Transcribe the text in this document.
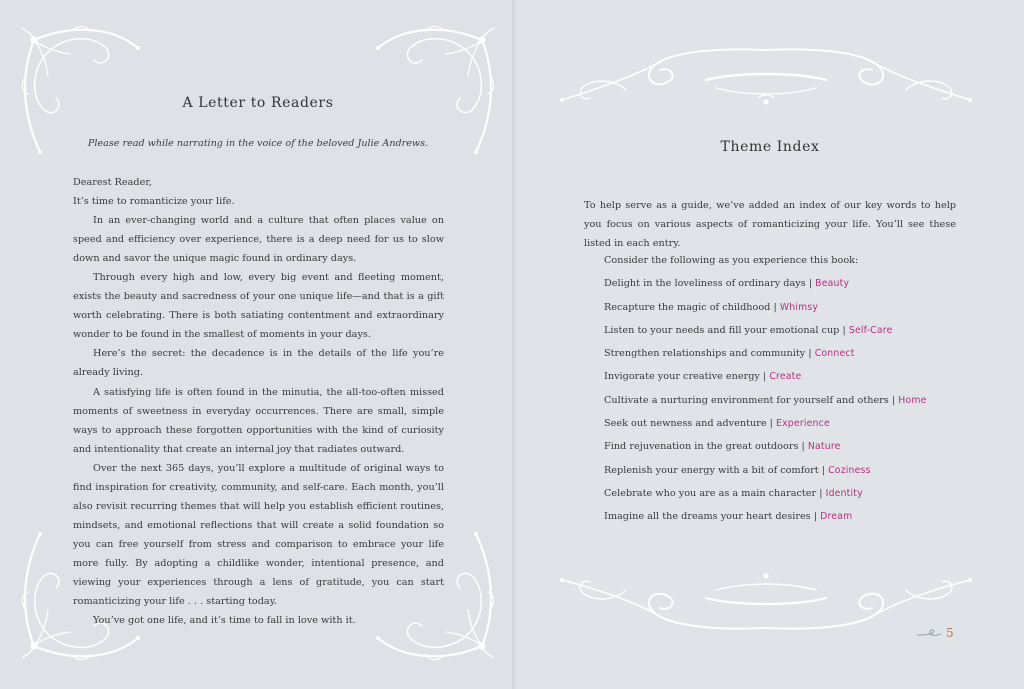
A Letter to Readers

Please read while narrating in the voice of the beloved Julie Andrews.

Dearest Reader,

It’s time to romanticize your life.

In an ever-changing world and a culture that often places value on speed and efficiency over experience, there is a deep need for us to slow down and savor the unique magic found in ordinary days.

Through every high and low, every big event and fleeting moment, exists the beauty and sacredness of your one unique life—and that is a gift worth celebrating. There is both satiating contentment and extraordinary wonder to be found in the smallest of moments in your days.

Here’s the secret: the decadence is in the details of the life you’re already living.

A satisfying life is often found in the minutia, the all-too-often missed moments of sweetness in everyday occurrences. There are small, simple ways to approach these forgotten opportunities with the kind of curiosity and intentionality that create an internal joy that radiates outward.

Over the next 365 days, you’ll explore a multitude of original ways to find inspiration for creativity, community, and self-care. Each month, you’ll also revisit recurring themes that will help you establish efficient routines, mindsets, and emotional reflections that will create a solid foundation so you can free yourself from stress and comparison to embrace your life more fully. By adopting a childlike wonder, intentional presence, and viewing your experiences through a lens of gratitude, you can start romanticizing your life . . . starting today.

You’ve got one life, and it’s time to fall in love with it.

Theme Index

To help serve as a guide, we’ve added an index of our key words to help you focus on various aspects of romanticizing your life. You’ll see these listed in each entry.

Consider the following as you experience this book:
Delight in the loveliness of ordinary days | Beauty
Recapture the magic of childhood | Whimsy
Listen to your needs and fill your emotional cup | Self-Care
Strengthen relationships and community | Connect
Invigorate your creative energy | Create
Cultivate a nurturing environment for yourself and others | Home
Seek out newness and adventure | Experience
Find rejuvenation in the great outdoors | Nature
Replenish your energy with a bit of comfort | Coziness
Celebrate who you are as a main character | Identity
Imagine all the dreams your heart desires | Dream
5
